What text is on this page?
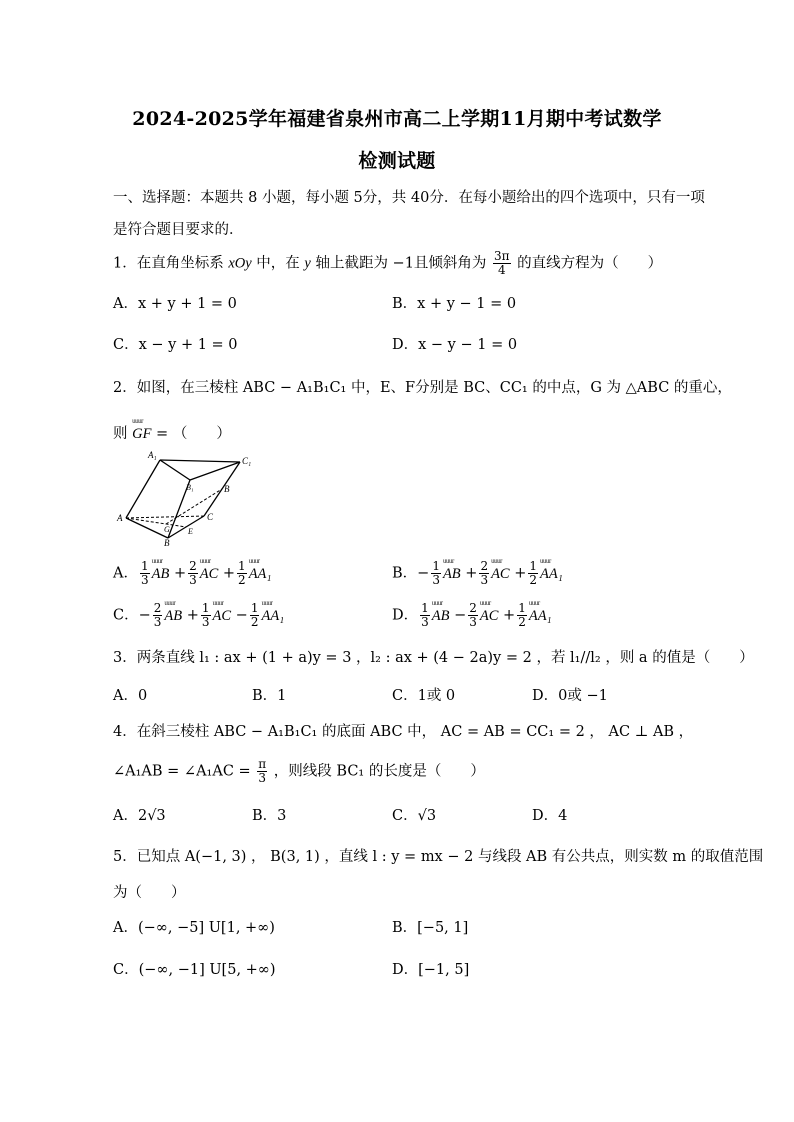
2024-2025学年福建省泉州市高二上学期11月期中考试数学
检测试题
一、选择题：本题共 8 小题，每小题 5分，共 40分．在每小题给出的四个选项中，只有一项
是符合题目要求的．
1．在直角坐标系 xOy 中，在 y 轴上截距为 −1且倾斜角为 $\frac{3\pi}{4}$ 的直线方程为（　　）
A．x + y + 1 = 0	B．x + y − 1 = 0
C．x − y + 1 = 0	D．x − y − 1 = 0
2．如图，在三棱柱 ABC − A₁B₁C₁ 中，E、F分别是 BC、CC₁ 的中点，G 为 △ABC 的重心，
则
uuur
GF = （　　）
A₁
C₁
B₁	B
A	C
B
G E
A． $\frac{1}{3}$ uuur
AB + $\frac{2}{3}$ uuur
AC + $\frac{1}{2}$ uuur
AA₁	B．− $\frac{1}{3}$ uuur
AB + $\frac{2}{3}$ uuur
AC + $\frac{1}{2}$ uuur
AA₁
C．− $\frac{2}{3}$ uuur
AB + $\frac{1}{3}$ uuur
AC − $\frac{1}{2}$ uuur
AA₁	D． $\frac{1}{3}$ uuur
AB − $\frac{2}{3}$ uuur
AC + $\frac{1}{2}$ uuur
AA₁
3．两条直线 l₁ : ax + (1 + a)y = 3 ，l₂ : ax + (4 − 2a)y = 2 ，若 l₁//l₂ ，则 a 的值是（　　）
A．0	B．1	C．1或 0	D．0或 −1
4．在斜三棱柱 ABC − A₁B₁C₁ 的底面 ABC 中， AC = AB = CC₁ = 2 ， AC ⊥ AB ，
∠A₁AB = ∠A₁AC = $\frac{\pi}{3}$ ，则线段 BC₁ 的长度是（　　）
A．2√3	B．3	C．√3	D．4
5．已知点 A(−1, 3) ， B(3, 1) ，直线 l : y = mx − 2 与线段 AB 有公共点，则实数 m 的取值范围
为（　　）
A．(−∞, −5] U[1, +∞)	B．[−5, 1]
C．(−∞, −1] U[5, +∞)	D．[−1, 5]
